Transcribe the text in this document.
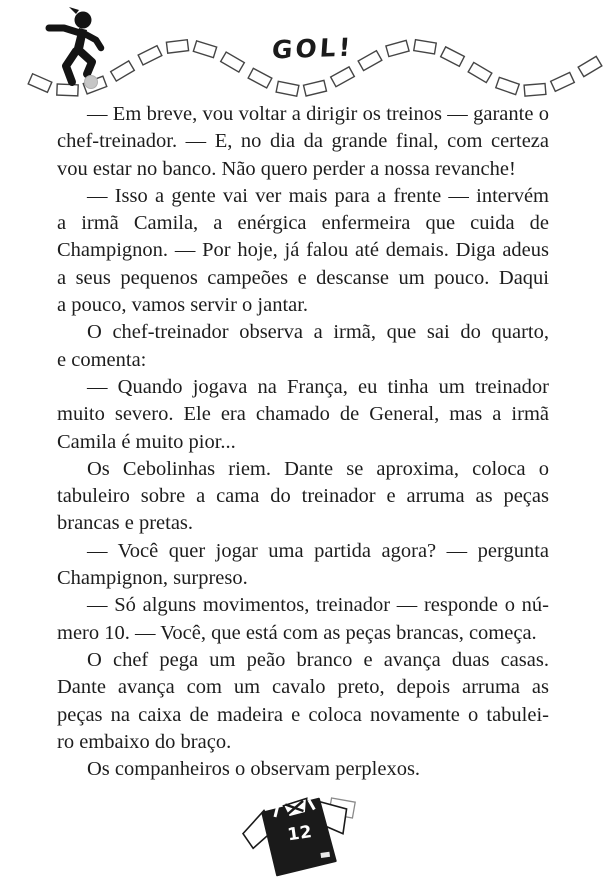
GOL!
— Em breve, vou voltar a dirigir os treinos — garante o
chef-treinador. — E, no dia da grande final, com certeza
vou estar no banco. Não quero perder a nossa revanche!
— Isso a gente vai ver mais para a frente — intervém
a irmã Camila, a enérgica enfermeira que cuida de
Champignon. — Por hoje, já falou até demais. Diga adeus
a seus pequenos campeões e descanse um pouco. Daqui
a pouco, vamos servir o jantar.
O chef-treinador observa a irmã, que sai do quarto,
e comenta:
— Quando jogava na França, eu tinha um treinador
muito severo. Ele era chamado de General, mas a irmã
Camila é muito pior...
Os Cebolinhas riem. Dante se aproxima, coloca o
tabuleiro sobre a cama do treinador e arruma as peças
brancas e pretas.
— Você quer jogar uma partida agora? — pergunta
Champignon, surpreso.
— Só alguns movimentos, treinador — responde o nú-
mero 10. — Você, que está com as peças brancas, começa.
O chef pega um peão branco e avança duas casas.
Dante avança com um cavalo preto, depois arruma as
peças na caixa de madeira e coloca novamente o tabulei-
ro embaixo do braço.
Os companheiros o observam perplexos.
12
